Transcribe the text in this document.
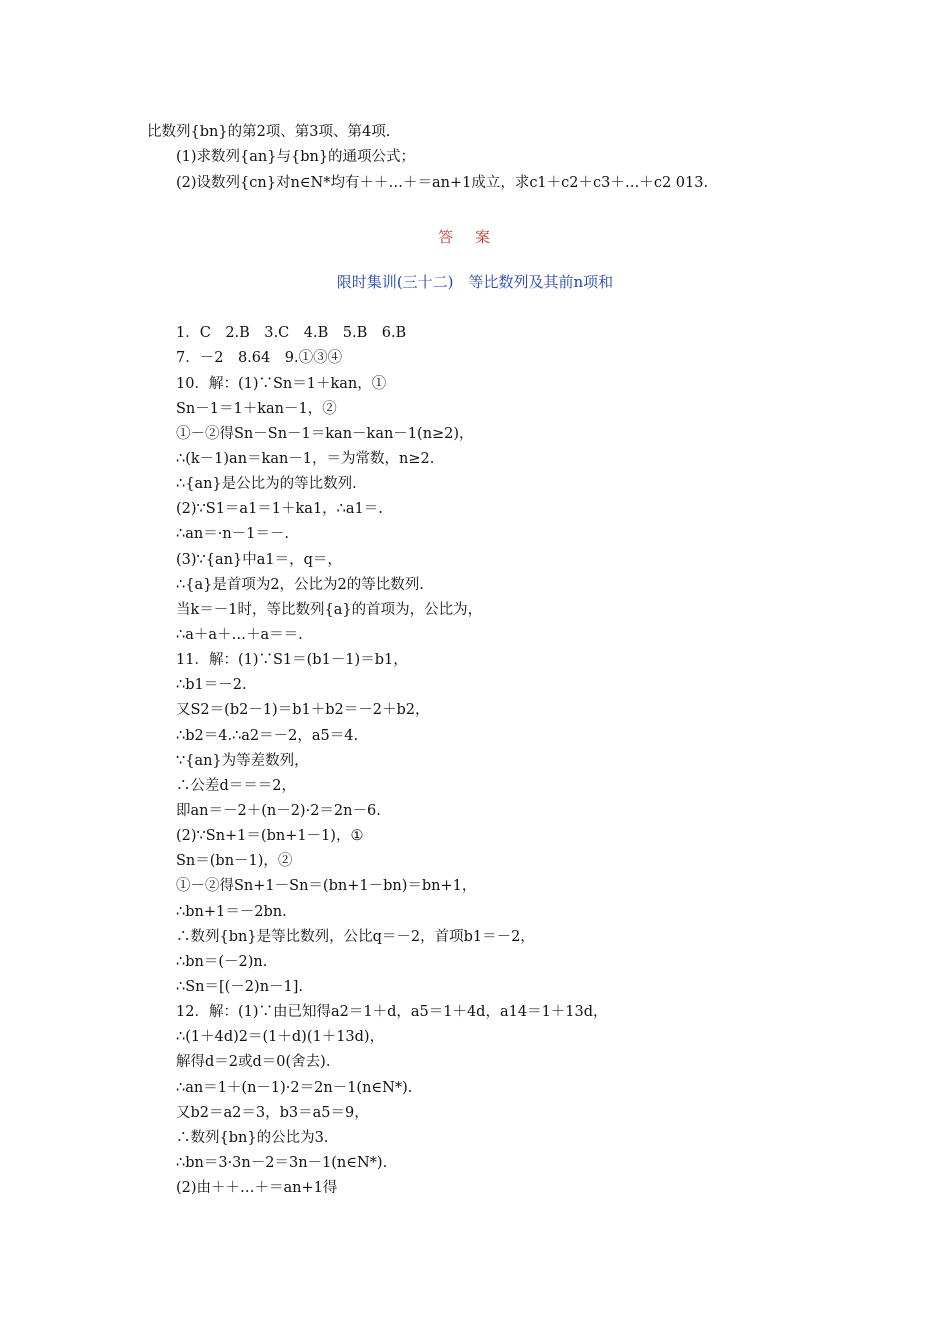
比数列{bn}的第2项、第3项、第4项.
(1)求数列{an}与{bn}的通项公式；
(2)设数列{cn}对n∈N*均有＋＋…＋＝an+1成立，求c1＋c2＋c3＋…＋c2 013.
答案
限时集训(三十二)　等比数列及其前n项和
1．C　2.B　3.C　4.B　5.B　6.B
7．－2　8.64　9.①③④
10．解：(1)∵Sn＝1＋kan，①
Sn－1＝1＋kan－1，②
①－②得Sn－Sn－1＝kan－kan－1(n≥2)，
∴(k－1)an＝kan－1，＝为常数，n≥2.
∴{an}是公比为的等比数列.
(2)∵S1＝a1＝1＋ka1，∴a1＝.
∴an＝·n－1＝－.
(3)∵{an}中a1＝，q＝，
∴{a}是首项为2，公比为2的等比数列.
当k＝－1时，等比数列{a}的首项为，公比为，
∴a＋a＋…＋a＝＝.
11．解：(1)∵S1＝(b1－1)＝b1，
∴b1＝－2.
又S2＝(b2－1)＝b1＋b2＝－2＋b2，
∴b2＝4.∴a2＝－2，a5＝4.
∵{an}为等差数列，
∴公差d＝＝＝2，
即an＝－2＋(n－2)·2＝2n－6.
(2)∵Sn+1＝(bn+1－1)，①
Sn＝(bn－1)，②
①－②得Sn+1－Sn＝(bn+1－bn)＝bn+1，
∴bn+1＝－2bn.
∴数列{bn}是等比数列，公比q＝－2，首项b1＝－2，
∴bn＝(－2)n.
∴Sn＝[(－2)n－1].
12．解：(1)∵由已知得a2＝1＋d，a5＝1＋4d，a14＝1＋13d，
∴(1＋4d)2＝(1＋d)(1＋13d)，
解得d＝2或d＝0(舍去).
∴an＝1＋(n－1)·2＝2n－1(n∈N*).
又b2＝a2＝3，b3＝a5＝9，
∴数列{bn}的公比为3.
∴bn＝3·3n－2＝3n－1(n∈N*).
(2)由＋＋…＋＝an+1得
